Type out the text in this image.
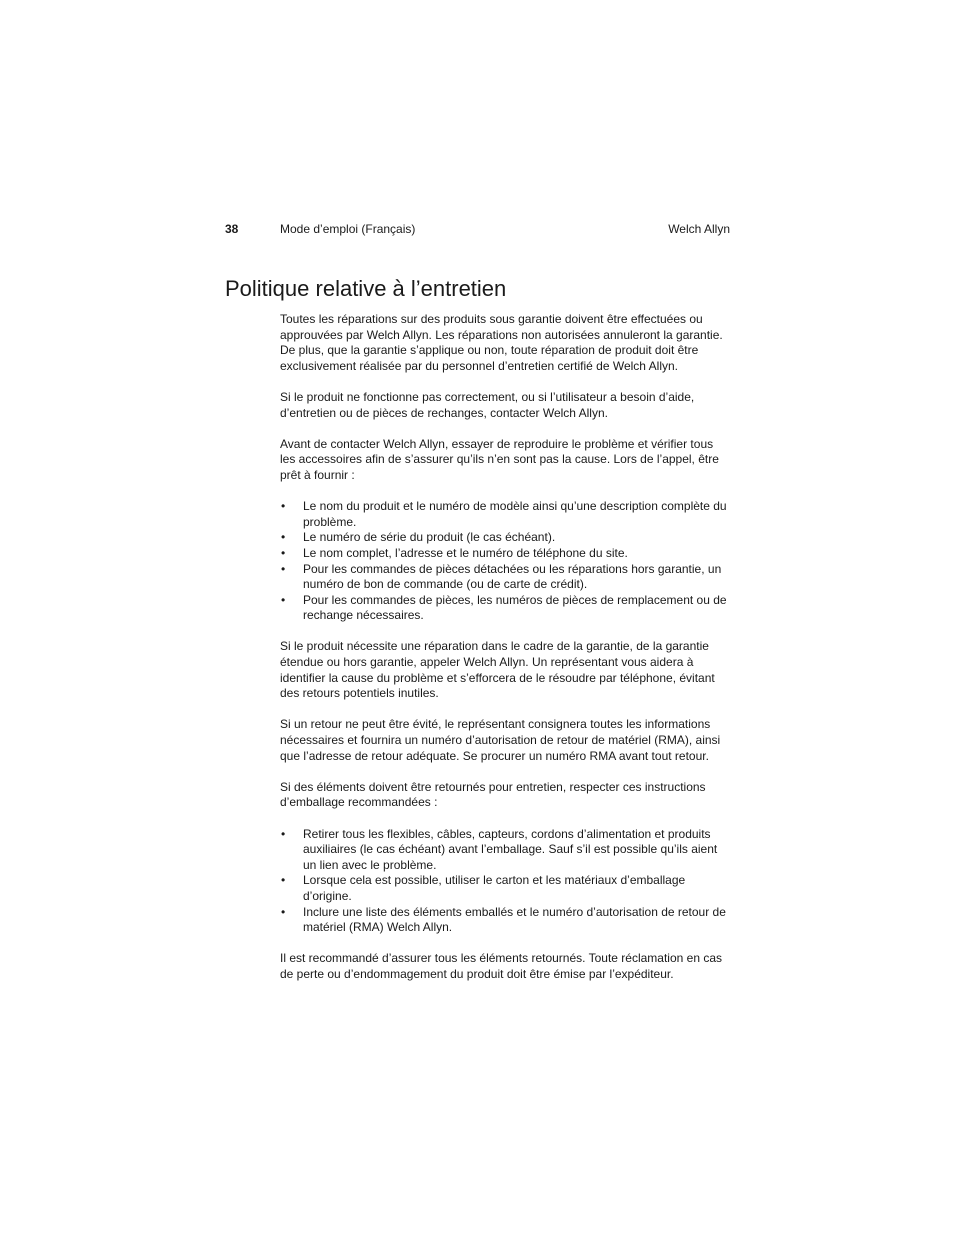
38	Mode d’emploi (Français)	Welch Allyn
Politique relative à l’entretien

Toutes les réparations sur des produits sous garantie doivent être effectuées ou approuvées par Welch Allyn. Les réparations non autorisées annuleront la garantie. De plus, que la garantie s’applique ou non, toute réparation de produit doit être exclusivement réalisée par du personnel d’entretien certifié de Welch Allyn.

Si le produit ne fonctionne pas correctement, ou si l’utilisateur a besoin d’aide, d’entretien ou de pièces de rechanges, contacter Welch Allyn.

Avant de contacter Welch Allyn, essayer de reproduire le problème et vérifier tous les accessoires afin de s’assurer qu’ils n’en sont pas la cause. Lors de l’appel, être prêt à fournir :

• Le nom du produit et le numéro de modèle ainsi qu’une description complète du problème.
• Le numéro de série du produit (le cas échéant).
• Le nom complet, l’adresse et le numéro de téléphone du site.
• Pour les commandes de pièces détachées ou les réparations hors garantie, un numéro de bon de commande (ou de carte de crédit).
• Pour les commandes de pièces, les numéros de pièces de remplacement ou de rechange nécessaires.

Si le produit nécessite une réparation dans le cadre de la garantie, de la garantie étendue ou hors garantie, appeler Welch Allyn. Un représentant vous aidera à identifier la cause du problème et s’efforcera de le résoudre par téléphone, évitant des retours potentiels inutiles.

Si un retour ne peut être évité, le représentant consignera toutes les informations nécessaires et fournira un numéro d’autorisation de retour de matériel (RMA), ainsi que l’adresse de retour adéquate. Se procurer un numéro RMA avant tout retour.

Si des éléments doivent être retournés pour entretien, respecter ces instructions d’emballage recommandées :

• Retirer tous les flexibles, câbles, capteurs, cordons d’alimentation et produits auxiliaires (le cas échéant) avant l’emballage. Sauf s’il est possible qu’ils aient un lien avec le problème.
• Lorsque cela est possible, utiliser le carton et les matériaux d’emballage d’origine.
• Inclure une liste des éléments emballés et le numéro d’autorisation de retour de matériel (RMA) Welch Allyn.

Il est recommandé d’assurer tous les éléments retournés. Toute réclamation en cas de perte ou d’endommagement du produit doit être émise par l’expéditeur.
